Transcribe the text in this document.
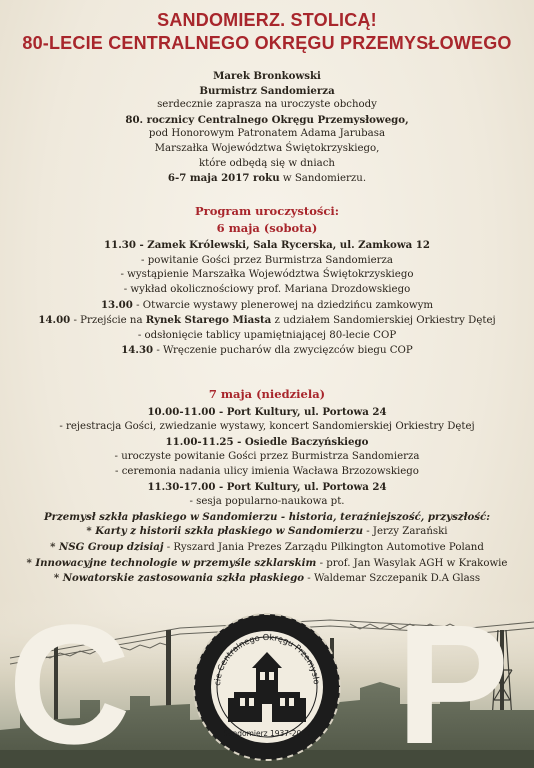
SANDOMIERZ. STOLICĄ!
80-LECIE CENTRALNEGO OKRĘGU PRZEMYSŁOWEGO
Marek Bronkowski
Burmistrz Sandomierza
serdecznie zaprasza na uroczyste obchody
80. rocznicy Centralnego Okręgu Przemysłowego,
pod Honorowym Patronatem Adama Jarubasa
Marszałka Województwa Świętokrzyskiego,
które odbędą się w dniach
6-7 maja 2017 roku w Sandomierzu.
Program uroczystości:
6 maja (sobota)
11.30 - Zamek Królewski, Sala Rycerska, ul. Zamkowa 12
- powitanie Gości przez Burmistrza Sandomierza
- wystąpienie Marszałka Województwa Świętokrzyskiego
- wykład okolicznościowy prof. Mariana Drozdowskiego
13.00 - Otwarcie wystawy plenerowej na dziedzińcu zamkowym
14.00 - Przejście na Rynek Starego Miasta z udziałem Sandomierskiej Orkiestry Dętej
- odsłonięcie tablicy upamiętniającej 80-lecie COP
14.30 - Wręczenie pucharów dla zwycięzców biegu COP
7 maja (niedziela)
10.00-11.00 - Port Kultury, ul. Portowa 24
- rejestracja Gości, zwiedzanie wystawy, koncert Sandomierskiej Orkiestry Dętej
11.00-11.25 - Osiedle Baczyńskiego
- uroczyste powitanie Gości przez Burmistrza Sandomierza
- ceremonia nadania ulicy imienia Wacława Brzozowskiego
11.30-17.00 - Port Kultury, ul. Portowa 24
- sesja popularno-naukowa pt.
Przemysł szkła płaskiego w Sandomierzu - historia, teraźniejszość, przyszłość:
* Karty z historii szkła płaskiego w Sandomierzu - Jerzy Zarański
* NSG Group dzisiaj - Ryszard Jania Prezes Zarządu Pilkington Automotive Poland
* Innowacyjne technologie w przemyśle szklarskim - prof. Jan Wasylak AGH w Krakowie
* Nowatorskie zastosowania szkła płaskiego - Waldemar Szczepanik D.A Glass
C P
cie Centralnego Okręgu Przemysło
Sandomierz 1937-2017
